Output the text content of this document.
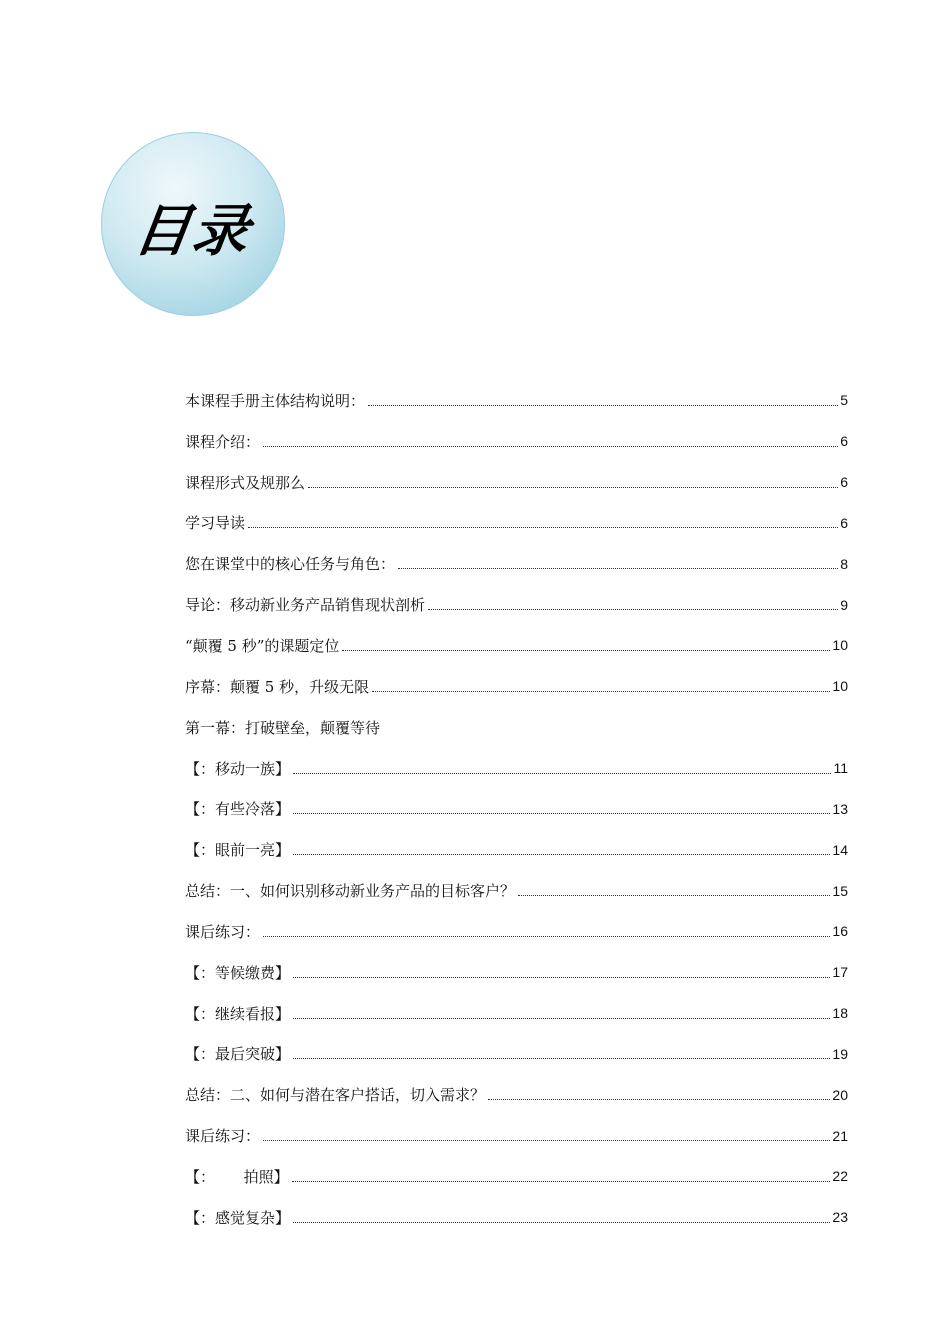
目录
本课程手册主体结构说明：	5
课程介绍：	6
课程形式及规那么	6
学习导读	6
您在课堂中的核心任务与角色：	8
导论：移动新业务产品销售现状剖析	9
“颠覆 5 秒”的课题定位	10
序幕：颠覆 5 秒，升级无限	10
第一幕：打破壁垒，颠覆等待
【：移动一族】	11
【：有些冷落】	13
【：眼前一亮】	14
总结：一、如何识别移动新业务产品的目标客户？	15
课后练习：	16
【：等候缴费】	17
【：继续看报】	18
【：最后突破】	19
总结：二、如何与潜在客户搭话，切入需求？	20
课后练习：	21
【：      拍照】	22
【：感觉复杂】	23
